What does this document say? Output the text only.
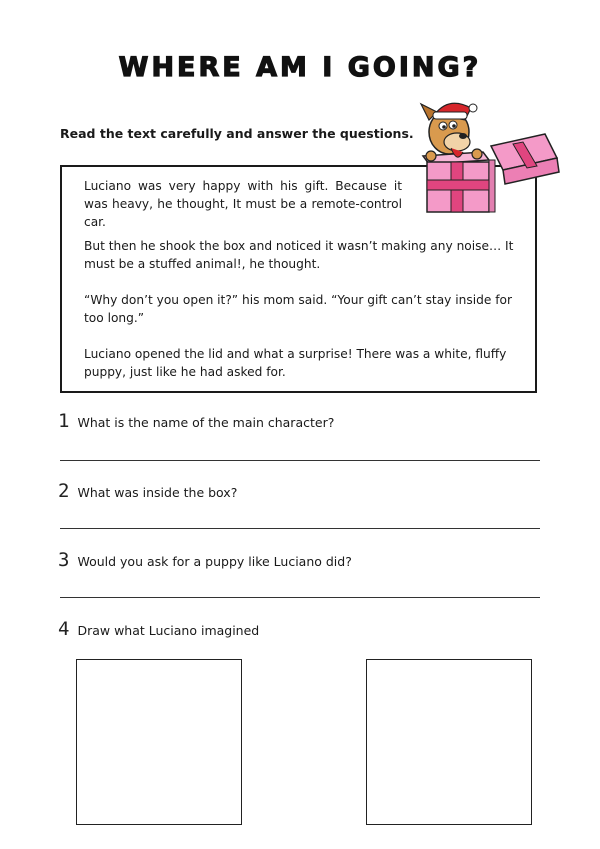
WHERE AM I GOING?

Read the text carefully and answer the questions.

Luciano was very happy with his gift. Because it was heavy, he thought, It must be a remote-control car.

But then he shook the box and noticed it wasn’t making any noise… It must be a stuffed animal!, he thought.

“Why don’t you open it?” his mom said. “Your gift can’t stay inside for too long.”

Luciano opened the lid and what a surprise! There was a white, fluffy puppy, just like he had asked for.

1 What is the name of the main character?
2 What was inside the box?
3 Would you ask for a puppy like Luciano did?
4 Draw what Luciano imagined
